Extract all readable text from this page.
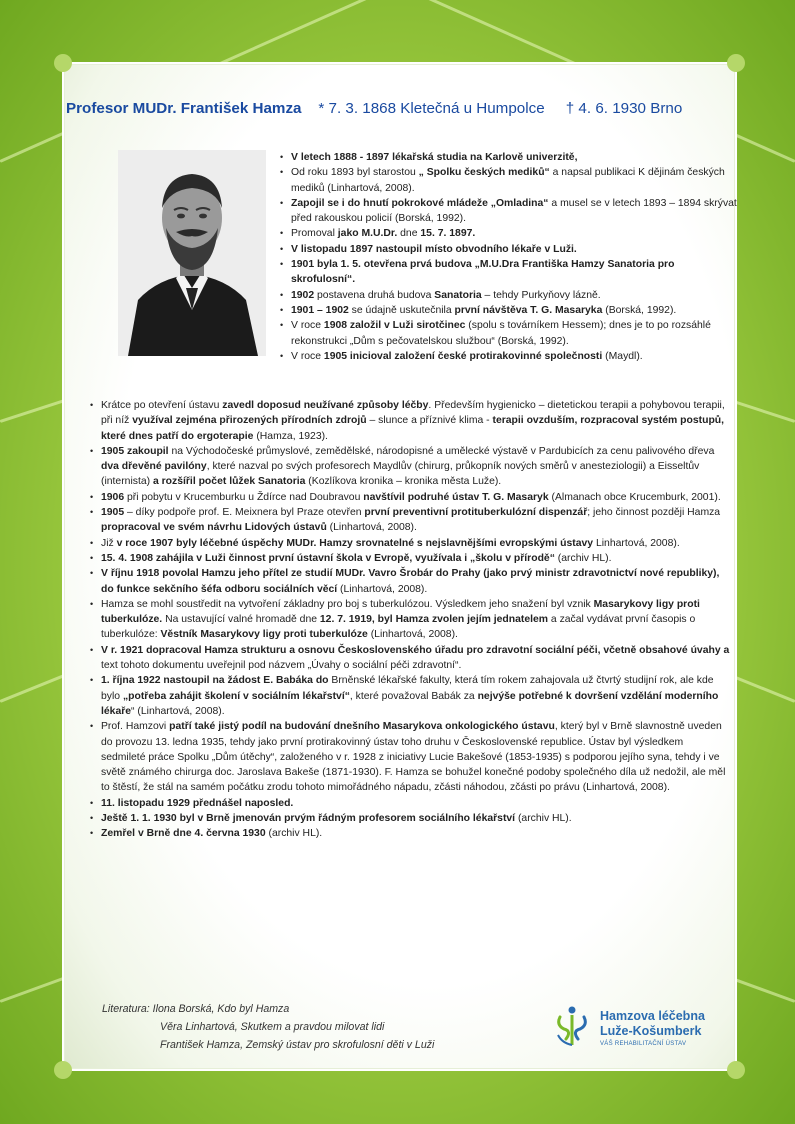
Profesor MUDr. František Hamza * 7. 3. 1868 Kletečná u Humpolce † 4. 6. 1930 Brno
• V letech 1888 - 1897 lékařská studia na Karlově univerzitě,
• Od roku 1893 byl starostou „ Spolku českých mediků“ a napsal publikaci K dějinám českých mediků (Linhartová, 2008).
• Zapojil se i do hnutí pokrokové mládeže „Omladina“ a musel se v letech 1893 – 1894 skrývat před rakouskou policií (Borská, 1992).
• Promoval jako M.U.Dr. dne 15. 7. 1897.
• V listopadu 1897 nastoupil místo obvodního lékaře v Luži.
• 1901 byla 1. 5. otevřena prvá budova „M.U.Dra Františka Hamzy Sanatoria pro skrofulosní“.
• 1902 postavena druhá budova Sanatoria – tehdy Purkyňovy lázně.
• 1901 – 1902 se údajně uskutečnila první návštěva T. G. Masaryka (Borská, 1992).
• V roce 1908 založil v Luži sirotčinec (spolu s továrníkem Hessem); dnes je to po rozsáhlé rekonstrukci „Dům s pečovatelskou službou“ (Borská, 1992).
• V roce 1905 inicioval založení české protirakovinné společnosti (Maydl).
• Krátce po otevření ústavu zavedl doposud neužívané způsoby léčby. Především hygienicko – dietetickou terapii a pohybovou terapii, při níž využíval zejména přirozených přírodních zdrojů – slunce a příznivé klima - terapii ovzduším, rozpracoval systém postupů, které dnes patří do ergoterapie (Hamza, 1923).
• 1905 zakoupil na Východočeské průmyslové, zemědělské, národopisné a umělecké výstavě v Pardubicích za cenu palivového dřeva dva dřevěné pavilóny, které nazval po svých profesorech Maydlův (chirurg, průkopník nových směrů v anesteziologii) a Eisseltův (internista) a rozšířil počet lůžek Sanatoria (Kozlíkova kronika – kronika města Luže).
• 1906 při pobytu v Krucemburku u Ždírce nad Doubravou navštívil podruhé ústav T. G. Masaryk (Almanach obce Krucemburk, 2001).
• 1905 – díky podpoře prof. E. Meixnera byl Praze otevřen první preventivní protituberkulózní dispenzář; jeho činnost později Hamza propracoval ve svém návrhu Lidových ústavů (Linhartová, 2008).
• Již v roce 1907 byly léčebné úspěchy MUDr. Hamzy srovnatelné s nejslavnějšími evropskými ústavy Linhartová, 2008).
• 15. 4. 1908 zahájila v Luži činnost první ústavní škola v Evropě, využívala i „školu v přírodě“ (archiv HL).
• V říjnu 1918 povolal Hamzu jeho přítel ze studií MUDr. Vavro Šrobár do Prahy (jako prvý ministr zdravotnictví nové republiky), do funkce sekčního šéfa odboru sociálních věcí (Linhartová, 2008).
• Hamza se mohl soustředit na vytvoření základny pro boj s tuberkulózou. Výsledkem jeho snažení byl vznik Masarykovy ligy proti tuberkulóze. Na ustavující valné hromadě dne 12. 7. 1919, byl Hamza zvolen jejím jednatelem a začal vydávat první časopis o tuberkulóze: Věstník Masarykovy ligy proti tuberkulóze (Linhartová, 2008).
• V r. 1921 dopracoval Hamza strukturu a osnovu Československého úřadu pro zdravotní sociální péči, včetně obsahové úvahy a text tohoto dokumentu uveřejnil pod názvem „Úvahy o sociální péči zdravotní“.
• 1. října 1922 nastoupil na žádost E. Babáka do Brněnské lékařské fakulty, která tím rokem zahajovala už čtvrtý studijní rok, ale kde bylo „potřeba zahájit školení v sociálním lékařství“, které považoval Babák za nejvýše potřebné k dovršení vzdělání moderního lékaře“ (Linhartová, 2008).
• Prof. Hamzovi patří také jistý podíl na budování dnešního Masarykova onkologického ústavu, který byl v Brně slavnostně uveden do provozu 13. ledna 1935, tehdy jako první protirakovinný ústav toho druhu v Československé republice. Ústav byl výsledkem sedmileté práce Spolku „Dům útěchy“, založeného v r. 1928 z iniciativy Lucie Bakešové (1853-1935) s podporou jejího syna, tehdy i ve světě známého chirurga doc. Jaroslava Bakeše (1871-1930). F. Hamza se bohužel konečné podoby společného díla už nedožil, ale měl to štěstí, že stál na samém počátku zrodu tohoto mimořádného nápadu, zčásti náhodou, zčásti po právu (Linhartová, 2008).
• 11. listopadu 1929 přednášel naposled.
• Ještě 1. 1. 1930 byl v Brně jmenován prvým řádným profesorem sociálního lékařství (archiv HL).
• Zemřel v Brně dne 4. června 1930 (archiv HL).
Literatura: Ilona Borská, Kdo byl Hamza
Věra Linhartová, Skutkem a pravdou milovat lidi
František Hamza, Zemský ústav pro skrofulosní děti v Luži
Hamzova léčebna
Luže-Košumberk
VÁŠ REHABILITAČNÍ ÚSTAV
